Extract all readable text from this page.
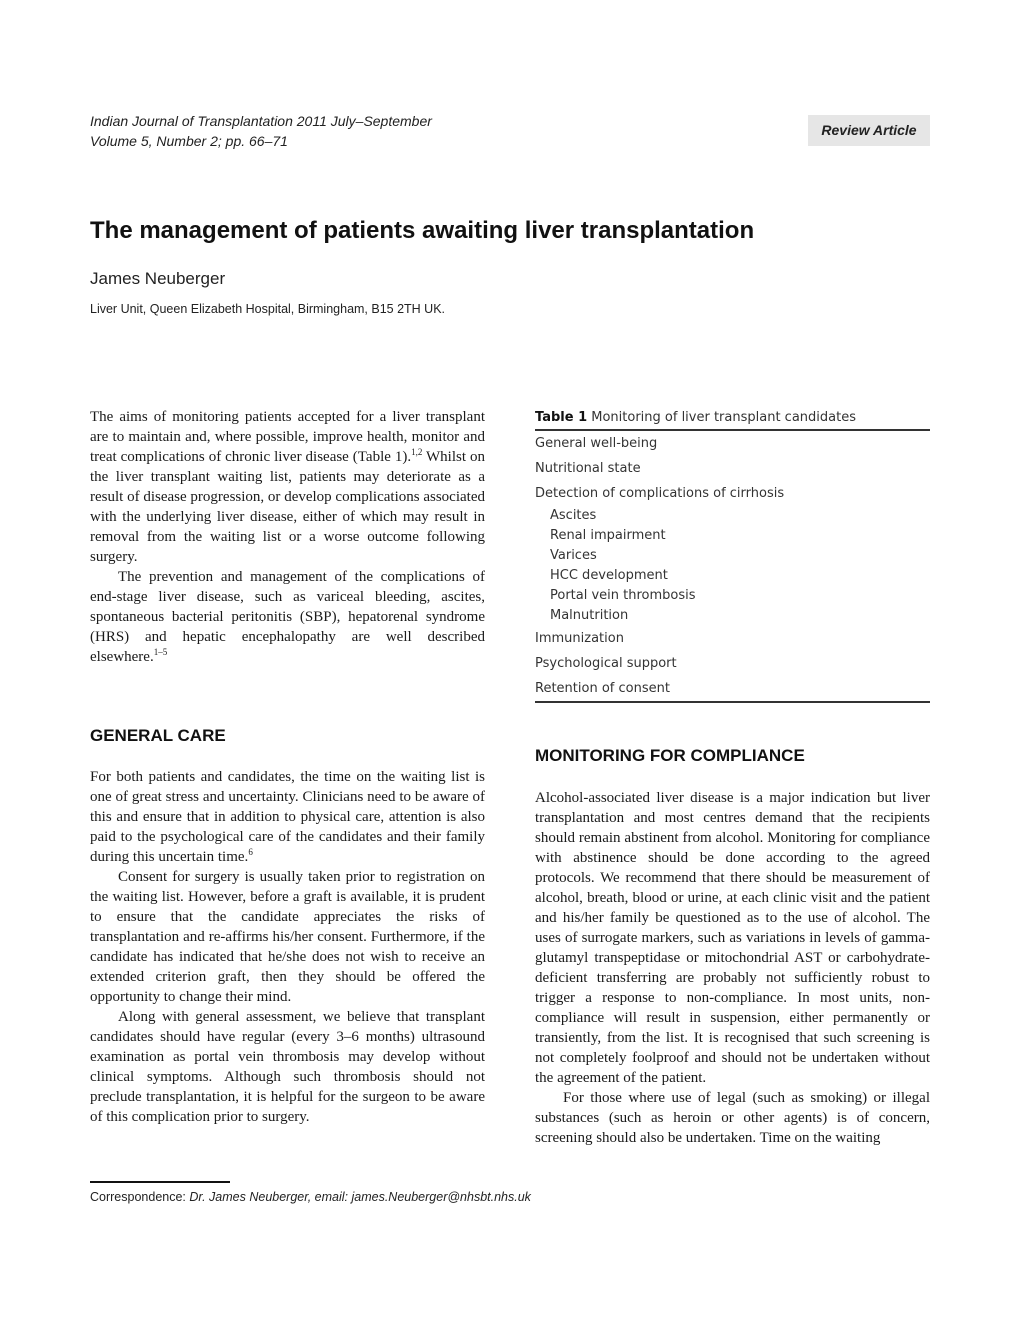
Indian Journal of Transplantation 2011 July–September
Volume 5, Number 2; pp. 66–71
Review Article
The management of patients awaiting liver transplantation
James Neuberger
Liver Unit, Queen Elizabeth Hospital, Birmingham, B15 2TH UK.

The aims of monitoring patients accepted for a liver transplant are to maintain and, where possible, improve health, monitor and treat complications of chronic liver disease (Table 1).$^{1,2}$ Whilst on the liver transplant waiting list, patients may deteriorate as a result of disease progression, or develop complications associated with the underlying liver disease, either of which may result in removal from the waiting list or a worse outcome following surgery.

The prevention and management of the complications of end-stage liver disease, such as variceal bleeding, ascites, spontaneous bacterial peritonitis (SBP), hepatorenal syndrome (HRS) and hepatic encephalopathy are well described elsewhere.$^{1-5}$

GENERAL CARE

For both patients and candidates, the time on the waiting list is one of great stress and uncertainty. Clinicians need to be aware of this and ensure that in addition to physical care, attention is also paid to the psychological care of the candidates and their family during this uncertain time.$^6$

Consent for surgery is usually taken prior to registration on the waiting list. However, before a graft is available, it is prudent to ensure that the candidate appreciates the risks of transplantation and re-affirms his/her consent. Furthermore, if the candidate has indicated that he/she does not wish to receive an extended criterion graft, then they should be offered the opportunity to change their mind.

Along with general assessment, we believe that transplant candidates should have regular (every 3–6 months) ultrasound examination as portal vein thrombosis may develop without clinical symptoms. Although such thrombosis should not preclude transplantation, it is helpful for the surgeon to be aware of this complication prior to surgery.

Table 1 Monitoring of liver transplant candidates
General well-being
Nutritional state
Detection of complications of cirrhosis
Ascites
Renal impairment
Varices
HCC development
Portal vein thrombosis
Malnutrition
Immunization
Psychological support
Retention of consent
MONITORING FOR COMPLIANCE

Alcohol-associated liver disease is a major indication but liver transplantation and most centres demand that the recipients should remain abstinent from alcohol. Monitoring for compliance with abstinence should be done according to the agreed protocols. We recommend that there should be measurement of alcohol, breath, blood or urine, at each clinic visit and the patient and his/her family be questioned as to the use of alcohol. The uses of surrogate markers, such as variations in levels of gamma-glutamyl transpeptidase or mitochondrial AST or carbohydrate-deficient transferring are probably not sufficiently robust to trigger a response to non-compliance. In most units, non-compliance will result in suspension, either permanently or transiently, from the list. It is recognised that such screening is not completely foolproof and should not be undertaken without the agreement of the patient.

For those where use of legal (such as smoking) or illegal substances (such as heroin or other agents) is of concern, screening should also be undertaken. Time on the waiting

Correspondence: Dr. James Neuberger, email: james.Neuberger@nhsbt.nhs.uk
